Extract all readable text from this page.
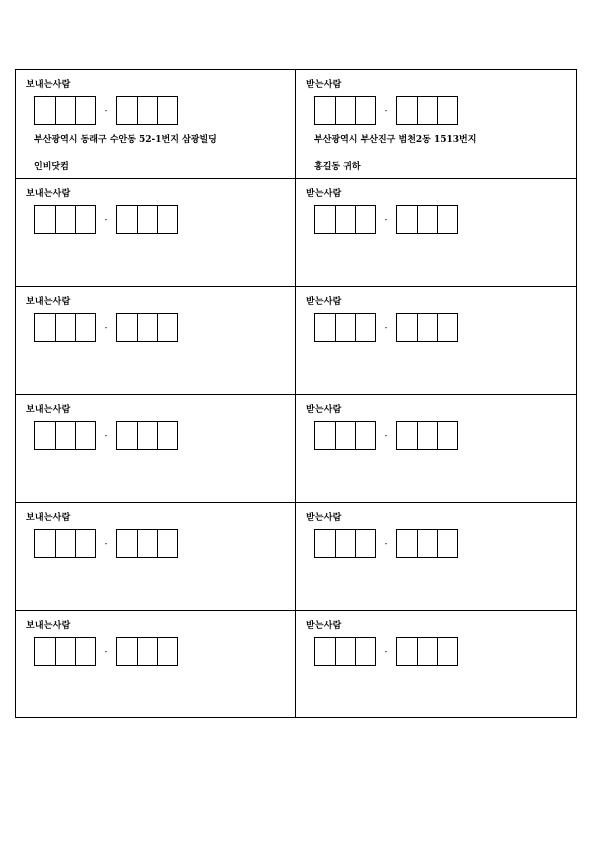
보내는사람
-
부산광역시 동래구 수안동 52-1번지 삼광빌딩
인비닷컴
받는사람
-
부산광역시 부산진구 범천2동 1513번지
홍길동 귀하
보내는사람
-
받는사람
-
보내는사람
-
받는사람
-
보내는사람
-
받는사람
-
보내는사람
-
받는사람
-
보내는사람
-
받는사람
-
